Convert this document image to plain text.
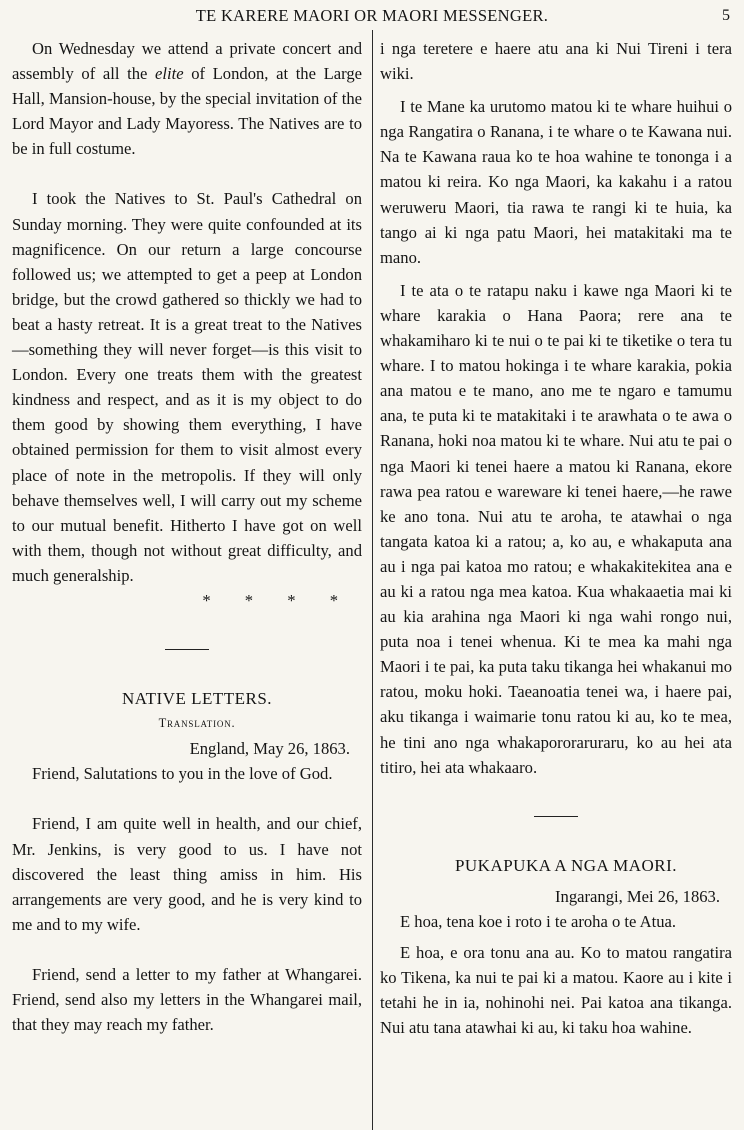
TE KARERE MAORI OR MAORI MESSENGER.	5

On Wednesday we attend a private concert and assembly of all the elite of London, at the Large Hall, Mansion-house, by the special invitation of the Lord Mayor and Lady Mayoress. The Natives are to be in full costume.

I took the Natives to St. Paul's Cathedral on Sunday morning. They were quite confounded at its magnificence. On our return a large concourse followed us; we attempted to get a peep at London bridge, but the crowd gathered so thickly we had to beat a hasty retreat. It is a great treat to the Natives—something they will never forget—is this visit to London. Every one treats them with the greatest kindness and respect, and as it is my object to do them good by showing them everything, I have obtained permission for them to visit almost every place of note in the metropolis. If they will only behave themselves well, I will carry out my scheme to our mutual benefit. Hitherto I have got on well with them, though not without great difficulty, and much generalship.

* * * *

NATIVE LETTERS.

Translation.

England, May 26, 1863.

Friend, Salutations to you in the love of God.

Friend, I am quite well in health, and our chief, Mr. Jenkins, is very good to us. I have not discovered the least thing amiss in him. His arrangements are very good, and he is very kind to me and to my wife.

Friend, send a letter to my father at Whangarei. Friend, send also my letters in the Whangarei mail, that they may reach my father.

i nga teretere e haere atu ana ki Nui Tireni i tera wiki.

I te Mane ka urutomo matou ki te whare huihui o nga Rangatira o Ranana, i te whare o te Kawana nui. Na te Kawana raua ko te hoa wahine te tononga i a matou ki reira. Ko nga Maori, ka kakahu i a ratou weruweru Maori, tia rawa te rangi ki te huia, ka tango ai ki nga patu Maori, hei matakitaki ma te mano.

I te ata o te ratapu naku i kawe nga Maori ki te whare karakia o Hana Paora; rere ana te whakamiharo ki te nui o te pai ki te tiketike o tera tu whare. I to matou hokinga i te whare karakia, pokia ana matou e te mano, ano me te ngaro e tamumu ana, te puta ki te matakitaki i te arawhata o te awa o Ranana, hoki noa matou ki te whare. Nui atu te pai o nga Maori ki tenei haere a matou ki Ranana, ekore rawa pea ratou e wareware ki tenei haere,—he rawe ke ano tona. Nui atu te aroha, te atawhai o nga tangata katoa ki a ratou; a, ko au, e whakaputa ana au i nga pai katoa mo ratou; e whakakitekitea ana e au ki a ratou nga mea katoa. Kua whakaaetia mai ki au kia arahina nga Maori ki nga wahi rongo nui, puta noa i tenei whenua. Ki te mea ka mahi nga Maori i te pai, ka puta taku tikanga hei whakanui mo ratou, moku hoki. Taeanoatia tenei wa, i haere pai, aku tikanga i waimarie tonu ratou ki au, ko te mea, he tini ano nga whakapororaruraru, ko au hei ata titiro, hei ata whakaaro.

PUKAPUKA A NGA MAORI.

Ingarangi, Mei 26, 1863.

E hoa, tena koe i roto i te aroha o te Atua.

E hoa, e ora tonu ana au. Ko to matou rangatira ko Tikena, ka nui te pai ki a matou. Kaore au i kite i tetahi he in ia, nohinohi nei. Pai katoa ana tikanga. Nui atu tana atawhai ki au, ki taku hoa wahine.
